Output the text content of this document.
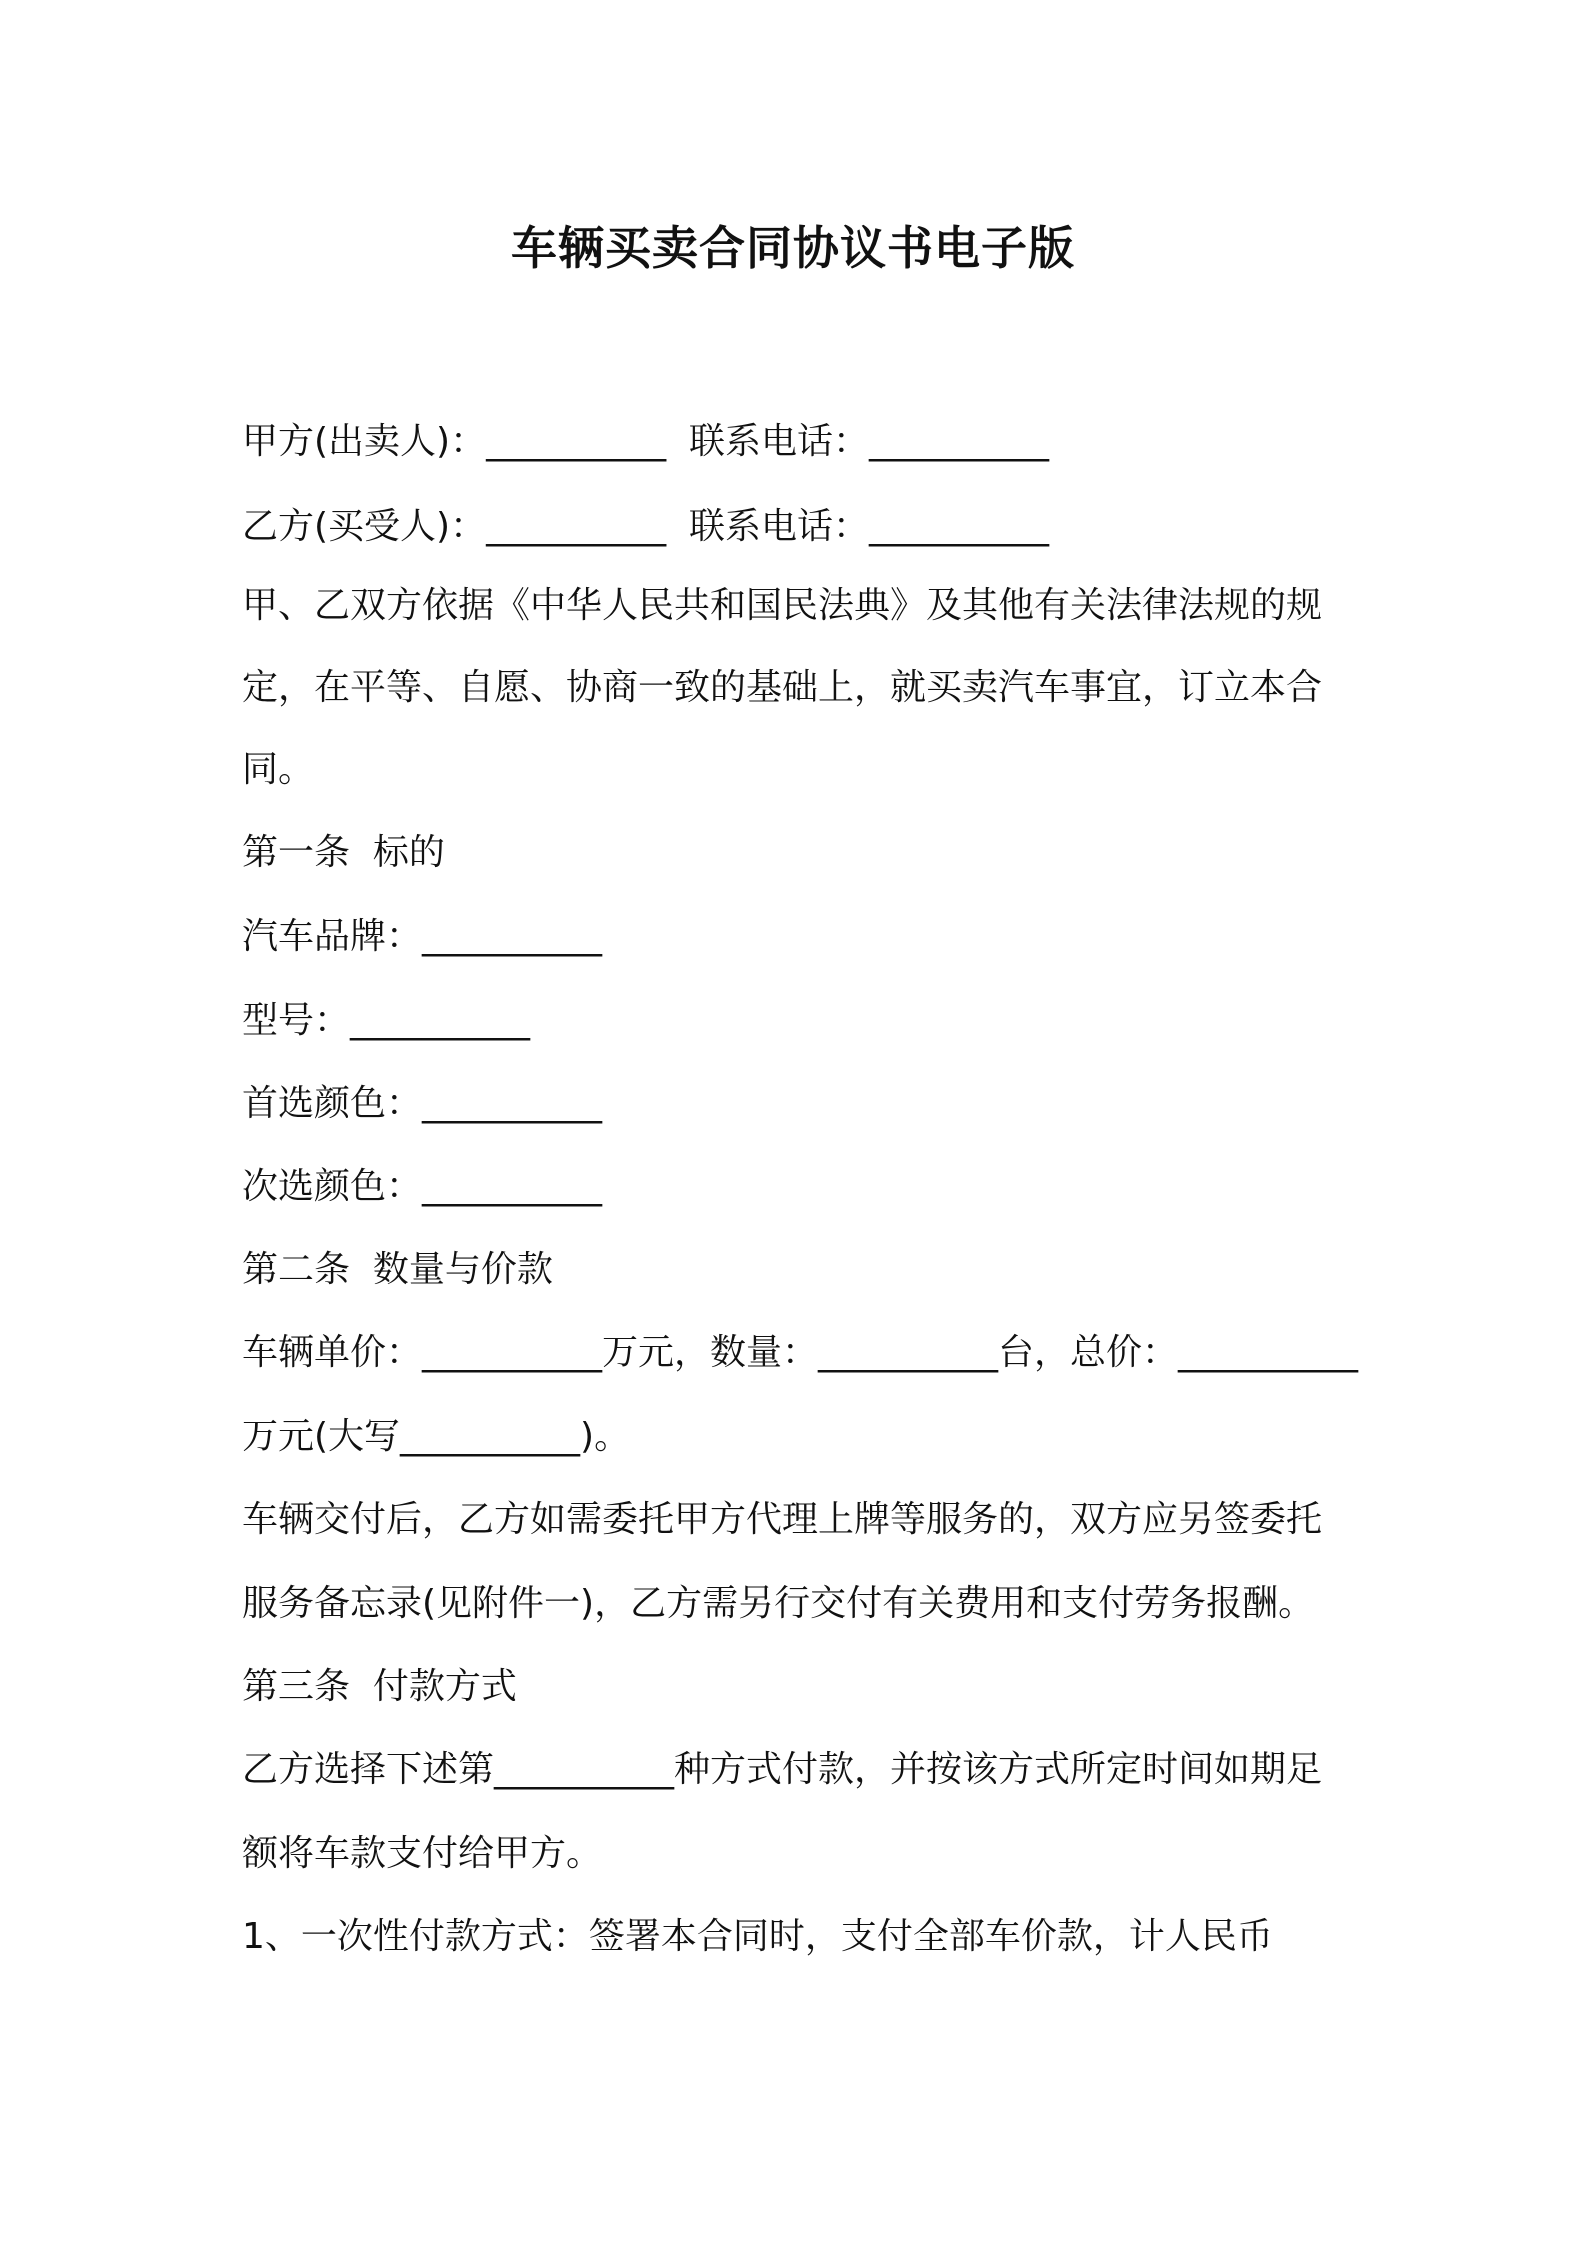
车辆买卖合同协议书电子版
甲方(出卖人)：__________  联系电话：__________
乙方(买受人)：__________  联系电话：__________
甲、乙双方依据《中华人民共和国民法典》及其他有关法律法规的规
定，在平等、自愿、协商一致的基础上，就买卖汽车事宜，订立本合
同。
第一条  标的
汽车品牌：__________
型号：__________
首选颜色：__________
次选颜色：__________
第二条  数量与价款
车辆单价：__________万元，数量：__________台，总价：__________
万元(大写__________)。
车辆交付后，乙方如需委托甲方代理上牌等服务的，双方应另签委托
服务备忘录(见附件一)，乙方需另行交付有关费用和支付劳务报酬。
第三条  付款方式
乙方选择下述第__________种方式付款，并按该方式所定时间如期足
额将车款支付给甲方。
1、一次性付款方式：签署本合同时，支付全部车价款，计人民币
